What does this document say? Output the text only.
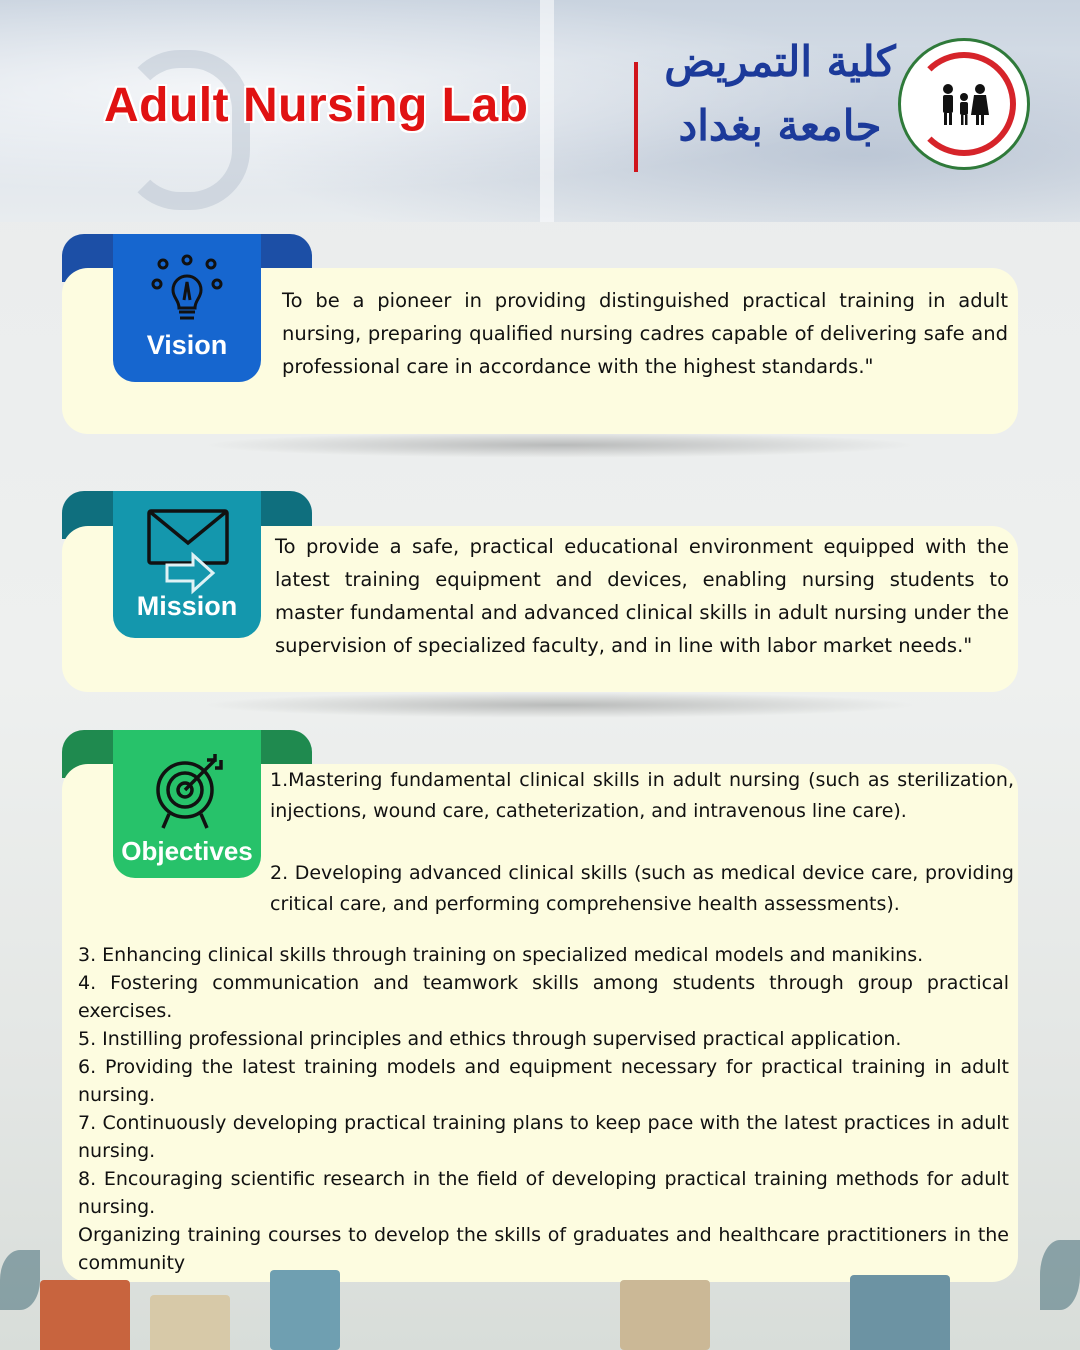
Adult Nursing Lab
كلية التمريض
جامعة بغداد
To be a pioneer in providing distinguished practical training in adult nursing, preparing qualified nursing cadres capable of delivering safe and professional care in accordance with the highest standards."
Vision
To provide a safe, practical educational environment equipped with the latest training equipment and devices, enabling nursing students to master fundamental and advanced clinical skills in adult nursing under the supervision of specialized faculty, and in line with labor market needs."
Mission
Objectives
1.Mastering fundamental clinical skills in adult nursing (such as sterilization, injections, wound care, catheterization, and intravenous line care).
2. Developing advanced clinical skills (such as medical device care, providing critical care, and performing comprehensive health assessments).
3. Enhancing clinical skills through training on specialized medical models and manikins.
4. Fostering communication and teamwork skills among students through group practical exercises.
5. Instilling professional principles and ethics through supervised practical application.
6. Providing the latest training models and equipment necessary for practical training in adult nursing.
7. Continuously developing practical training plans to keep pace with the latest practices in adult nursing.
8. Encouraging scientific research in the field of developing practical training methods for adult nursing.
Organizing training courses to develop the skills of graduates and healthcare practitioners in the community
